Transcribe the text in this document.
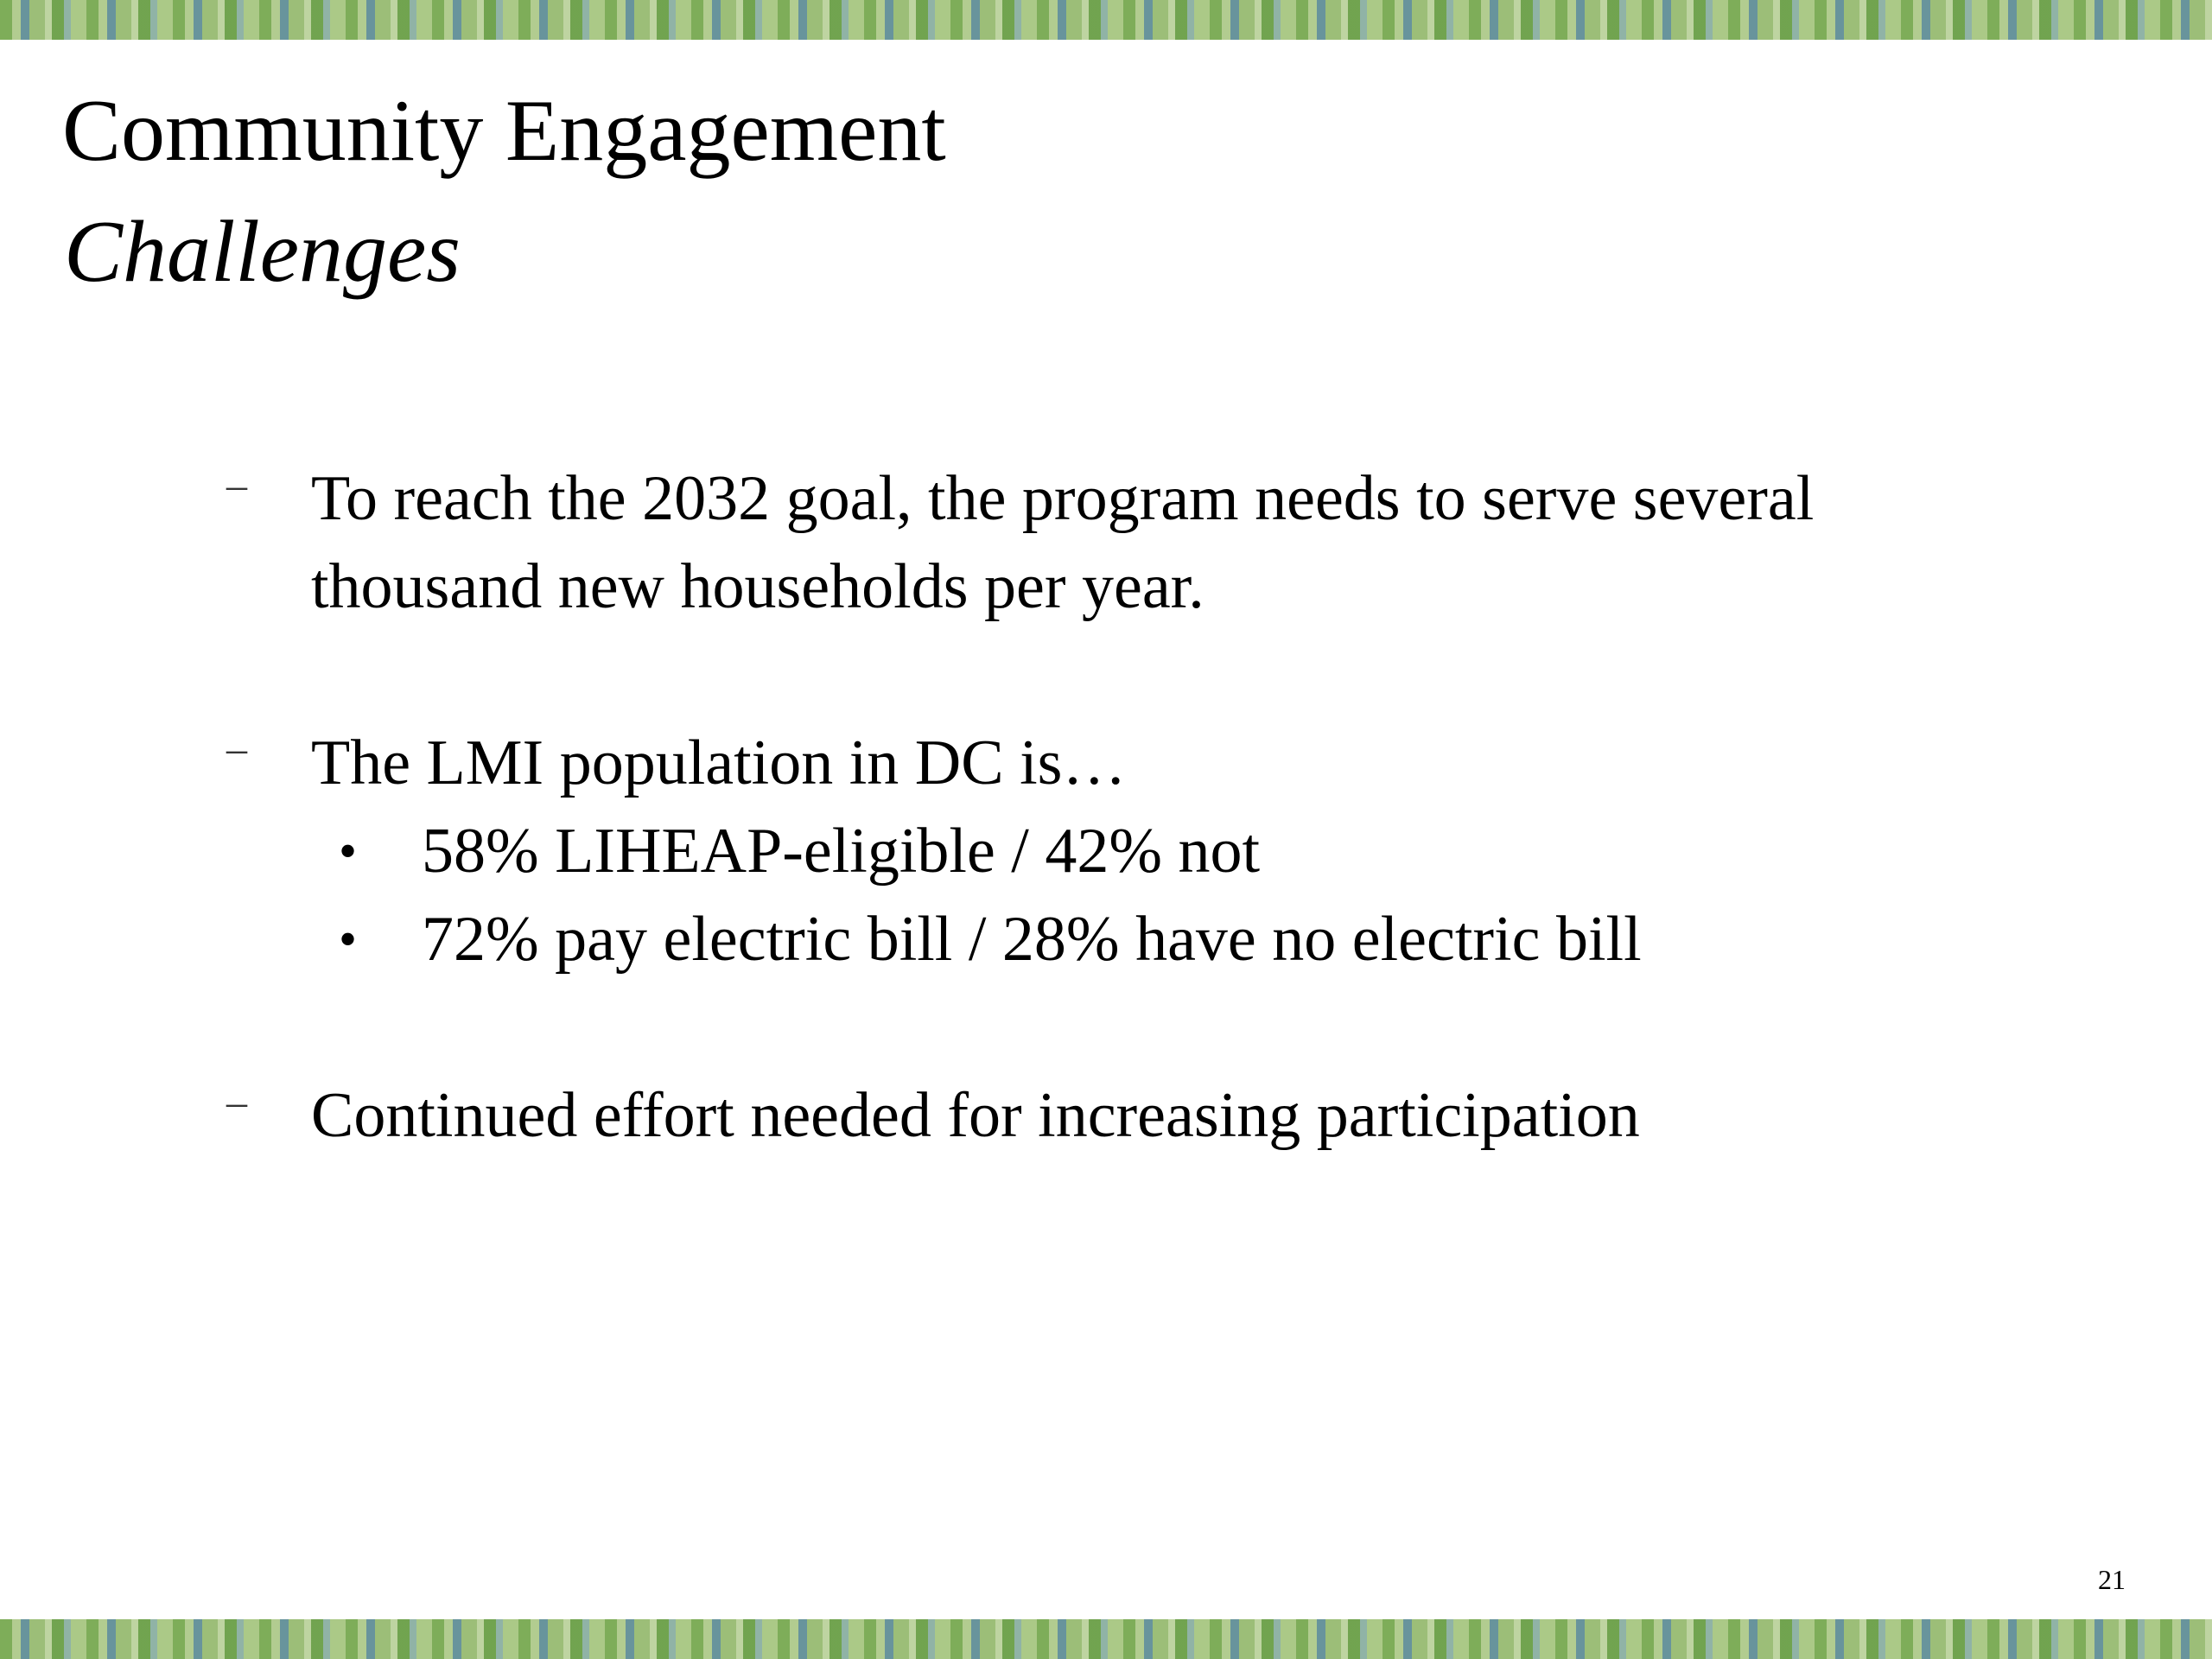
Community Engagement
Challenges
– To reach the 2032 goal, the program needs to serve several thousand new households per year.
– The LMI population in DC is…
• 58% LIHEAP-eligible / 42% not
• 72% pay electric bill / 28% have no electric bill
– Continued effort needed for increasing participation
21
